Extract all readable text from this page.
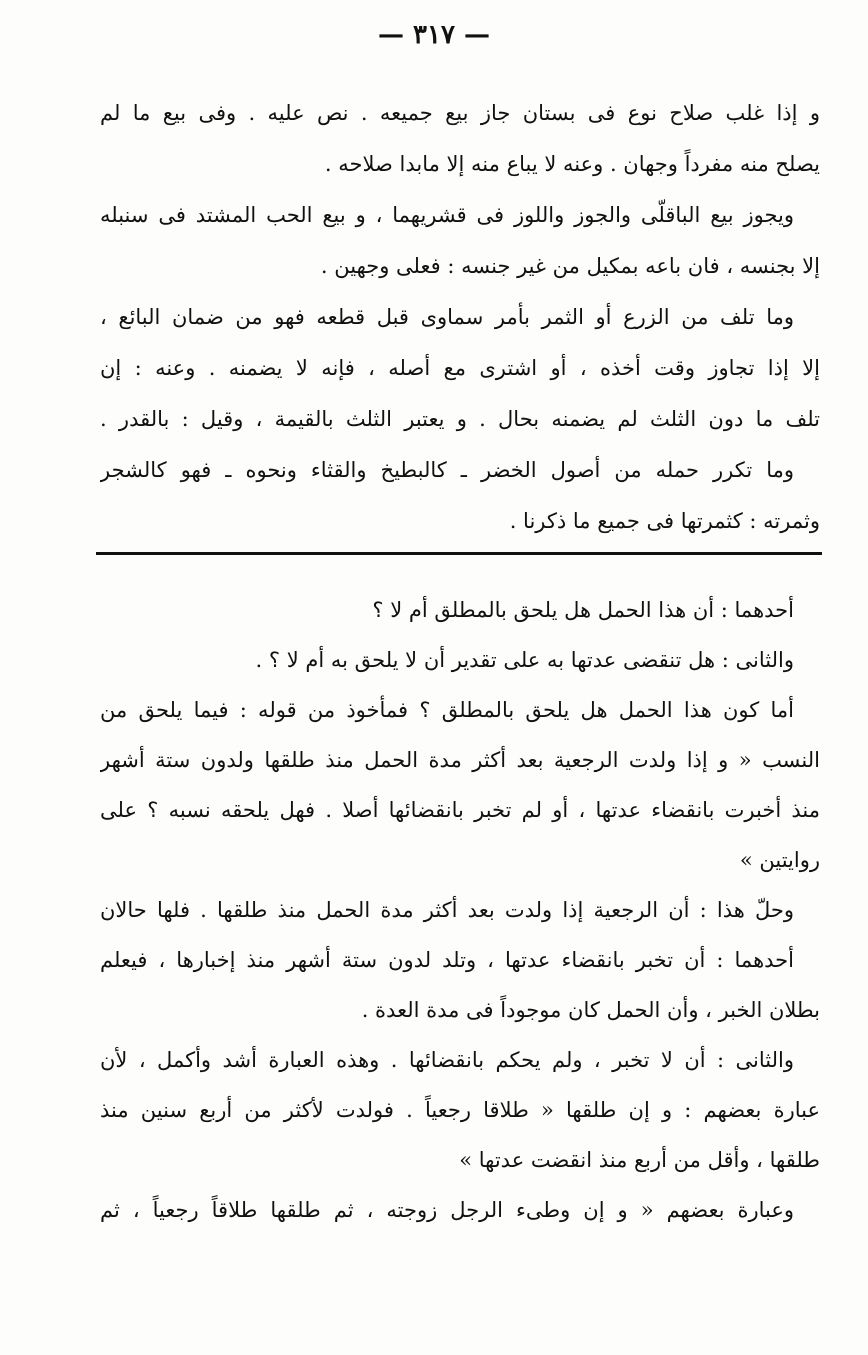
— ٣١٧ —
و إذا غلب صلاح نوع فى بستان جاز بيع جميعه . نص عليه . وفى بيع ما لم
يصلح منه مفرداً وجهان . وعنه لا يباع منه إلا مابدا صلاحه .
ويجوز بيع الباقلّى والجوز واللوز فى قشريهما ، و بيع الحب المشتد فى سنبله
إلا بجنسه ، فان باعه بمكيل من غير جنسه : فعلى وجهين .
وما تلف من الزرع أو الثمر بأمر سماوى قبل قطعه فهو من ضمان البائع ،
إلا إذا تجاوز وقت أخذه ، أو اشترى مع أصله ، فإنه لا يضمنه . وعنه : إن
تلف ما دون الثلث لم يضمنه بحال . و يعتبر الثلث بالقيمة ، وقيل : بالقدر .
وما تكرر حمله من أصول الخضر ـ كالبطيخ والقثاء ونحوه ـ فهو كالشجر
وثمرته : كثمرتها فى جميع ما ذكرنا .
أحدهما : أن هذا الحمل هل يلحق بالمطلق أم لا ؟
والثانى : هل تنقضى عدتها به على تقدير أن لا يلحق به أم لا ؟ .
أما كون هذا الحمل هل يلحق بالمطلق ؟ فمأخوذ من قوله : فيما يلحق من
النسب « و إذا ولدت الرجعية بعد أكثر مدة الحمل منذ طلقها ولدون ستة أشهر
منذ أخبرت بانقضاء عدتها ، أو لم تخبر بانقضائها أصلا . فهل يلحقه نسبه ؟ على
روايتين »
وحلّ هذا : أن الرجعية إذا ولدت بعد أكثر مدة الحمل منذ طلقها . فلها حالان
أحدهما : أن تخبر بانقضاء عدتها ، وتلد لدون ستة أشهر منذ إخبارها ، فيعلم
بطلان الخبر ، وأن الحمل كان موجوداً فى مدة العدة .
والثانى : أن لا تخبر ، ولم يحكم بانقضائها . وهذه العبارة أشد وأكمل ، لأن
عبارة بعضهم : و إن طلقها « طلاقا رجعياً . فولدت لأكثر من أربع سنين منذ
طلقها ، وأقل من أربع منذ انقضت عدتها »
وعبارة بعضهم « و إن وطىء الرجل زوجته ، ثم طلقها طلاقاً رجعياً ، ثم
